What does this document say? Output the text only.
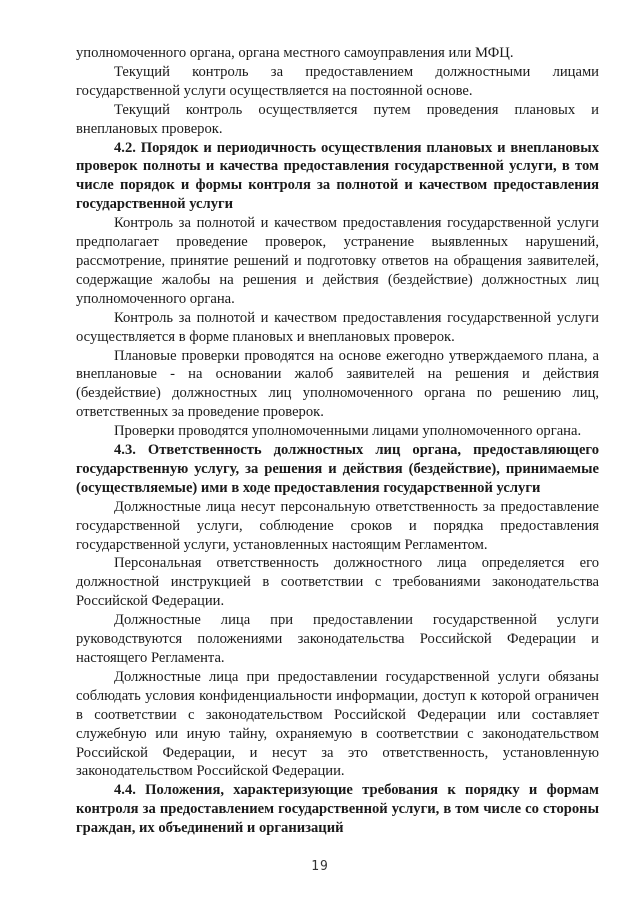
уполномоченного органа, органа местного самоуправления или МФЦ.

Текущий контроль за предоставлением должностными лицами государственной услуги осуществляется на постоянной основе.

Текущий контроль осуществляется путем проведения плановых и внеплановых проверок.

4.2. Порядок и периодичность осуществления плановых и внеплановых проверок полноты и качества предоставления государственной услуги, в том числе порядок и формы контроля за полнотой и качеством предоставления государственной услуги

Контроль за полнотой и качеством предоставления государственной услуги предполагает проведение проверок, устранение выявленных нарушений, рассмотрение, принятие решений и подготовку ответов на обращения заявителей, содержащие жалобы на решения и действия (бездействие) должностных лиц уполномоченного органа.

Контроль за полнотой и качеством предоставления государственной услуги осуществляется в форме плановых и внеплановых проверок.

Плановые проверки проводятся на основе ежегодно утверждаемого плана, а внеплановые - на основании жалоб заявителей на решения и действия (бездействие) должностных лиц уполномоченного органа по решению лиц, ответственных за проведение проверок.

Проверки проводятся уполномоченными лицами уполномоченного органа.

4.3. Ответственность должностных лиц органа, предоставляющего государственную услугу, за решения и действия (бездействие), принимаемые (осуществляемые) ими в ходе предоставления государственной услуги

Должностные лица несут персональную ответственность за предоставление государственной услуги, соблюдение сроков и порядка предоставления государственной услуги, установленных настоящим Регламентом.

Персональная ответственность должностного лица определяется его должностной инструкцией в соответствии с требованиями законодательства Российской Федерации.

Должностные лица при предоставлении государственной услуги руководствуются положениями законодательства Российской Федерации и настоящего Регламента.

Должностные лица при предоставлении государственной услуги обязаны соблюдать условия конфиденциальности информации, доступ к которой ограничен в соответствии с законодательством Российской Федерации или составляет служебную или иную тайну, охраняемую в соответствии с законодательством Российской Федерации, и несут за это ответственность, установленную законодательством Российской Федерации.

4.4. Положения, характеризующие требования к порядку и формам контроля за предоставлением государственной услуги, в том числе со стороны граждан, их объединений и организаций

19
